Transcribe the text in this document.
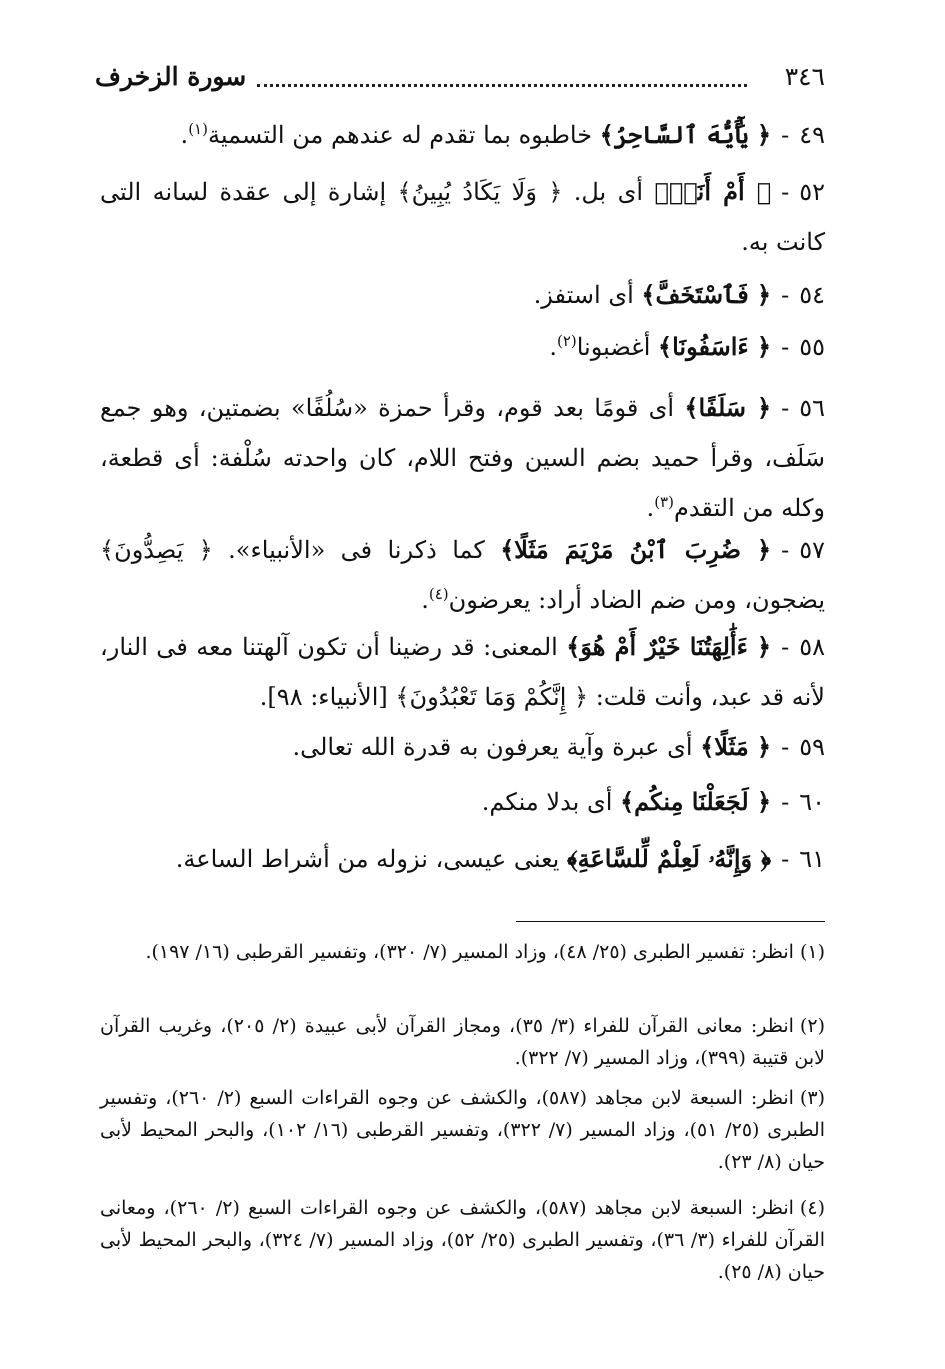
٣٤٦
سورة الزخرف
٤٩-﴿ يَٰٓأَيُّهَ ٱلسَّاحِرُ﴾ خاطبوه بما تقدم له عندهم من التسمية$^{(١)}$.
٥٢-﴿ أَمْ أَنَا۠﴾ أى بل. ﴿ وَلَا يَكَادُ يُبِينُ﴾ إشارة إلى عقدة لسانه التى كانت به.
٥٤-﴿ فَٱسْتَخَفَّ﴾ أى استفز.
٥٥-﴿ ءَاسَفُونَا﴾ أغضبونا$^{(٢)}$.
٥٦-﴿ سَلَفًا﴾ أى قومًا بعد قوم، وقرأ حمزة «سُلُفًا» بضمتين، وهو جمع سَلَف، وقرأ حميد بضم السين وفتح اللام، كان واحدته سُلْفة: أى قطعة، وكله من التقدم$^{(٣)}$.
٥٧-﴿ ضُرِبَ ٱبْنُ مَرْيَمَ مَثَلًا﴾ كما ذكرنا فى «الأنبياء». ﴿ يَصِدُّونَ﴾ يضجون، ومن ضم الضاد أراد: يعرضون$^{(٤)}$.
٥٨-﴿ ءَأَٰلِهَتُنَا خَيْرٌ أَمْ هُوَ﴾ المعنى: قد رضينا أن تكون آلهتنا معه فى النار، لأنه قد عبد، وأنت قلت: ﴿ إِنَّكُمْ وَمَا تَعْبُدُونَ﴾ [الأنبياء: ٩٨].
٥٩-﴿ مَثَلًا﴾ أى عبرة وآية يعرفون به قدرة الله تعالى.
٦٠-﴿ لَجَعَلْنَا مِنكُم﴾ أى بدلا منكم.
٦١-﴿ وَإِنَّهُۥ لَعِلْمٌ لِّلسَّاعَةِ﴾ يعنى عيسى، نزوله من أشراط الساعة.
(١)انظر: تفسير الطبرى (٢٥/ ٤٨)، وزاد المسير (٧/ ٣٢٠)، وتفسير القرطبى (١٦/ ١٩٧).
(٢)انظر: معانى القرآن للفراء (٣/ ٣٥)، ومجاز القرآن لأبى عبيدة (٢/ ٢٠٥)، وغريب القرآن لابن قتيبة (٣٩٩)، وزاد المسير (٧/ ٣٢٢).
(٣)انظر: السبعة لابن مجاهد (٥٨٧)، والكشف عن وجوه القراءات السبع (٢/ ٢٦٠)، وتفسير الطبرى (٢٥/ ٥١)، وزاد المسير (٧/ ٣٢٢)، وتفسير القرطبى (١٦/ ١٠٢)، والبحر المحيط لأبى حيان (٨/ ٢٣).
(٤)انظر: السبعة لابن مجاهد (٥٨٧)، والكشف عن وجوه القراءات السبع (٢/ ٢٦٠)، ومعانى القرآن للفراء (٣/ ٣٦)، وتفسير الطبرى (٢٥/ ٥٢)، وزاد المسير (٧/ ٣٢٤)، والبحر المحيط لأبى حيان (٨/ ٢٥).
